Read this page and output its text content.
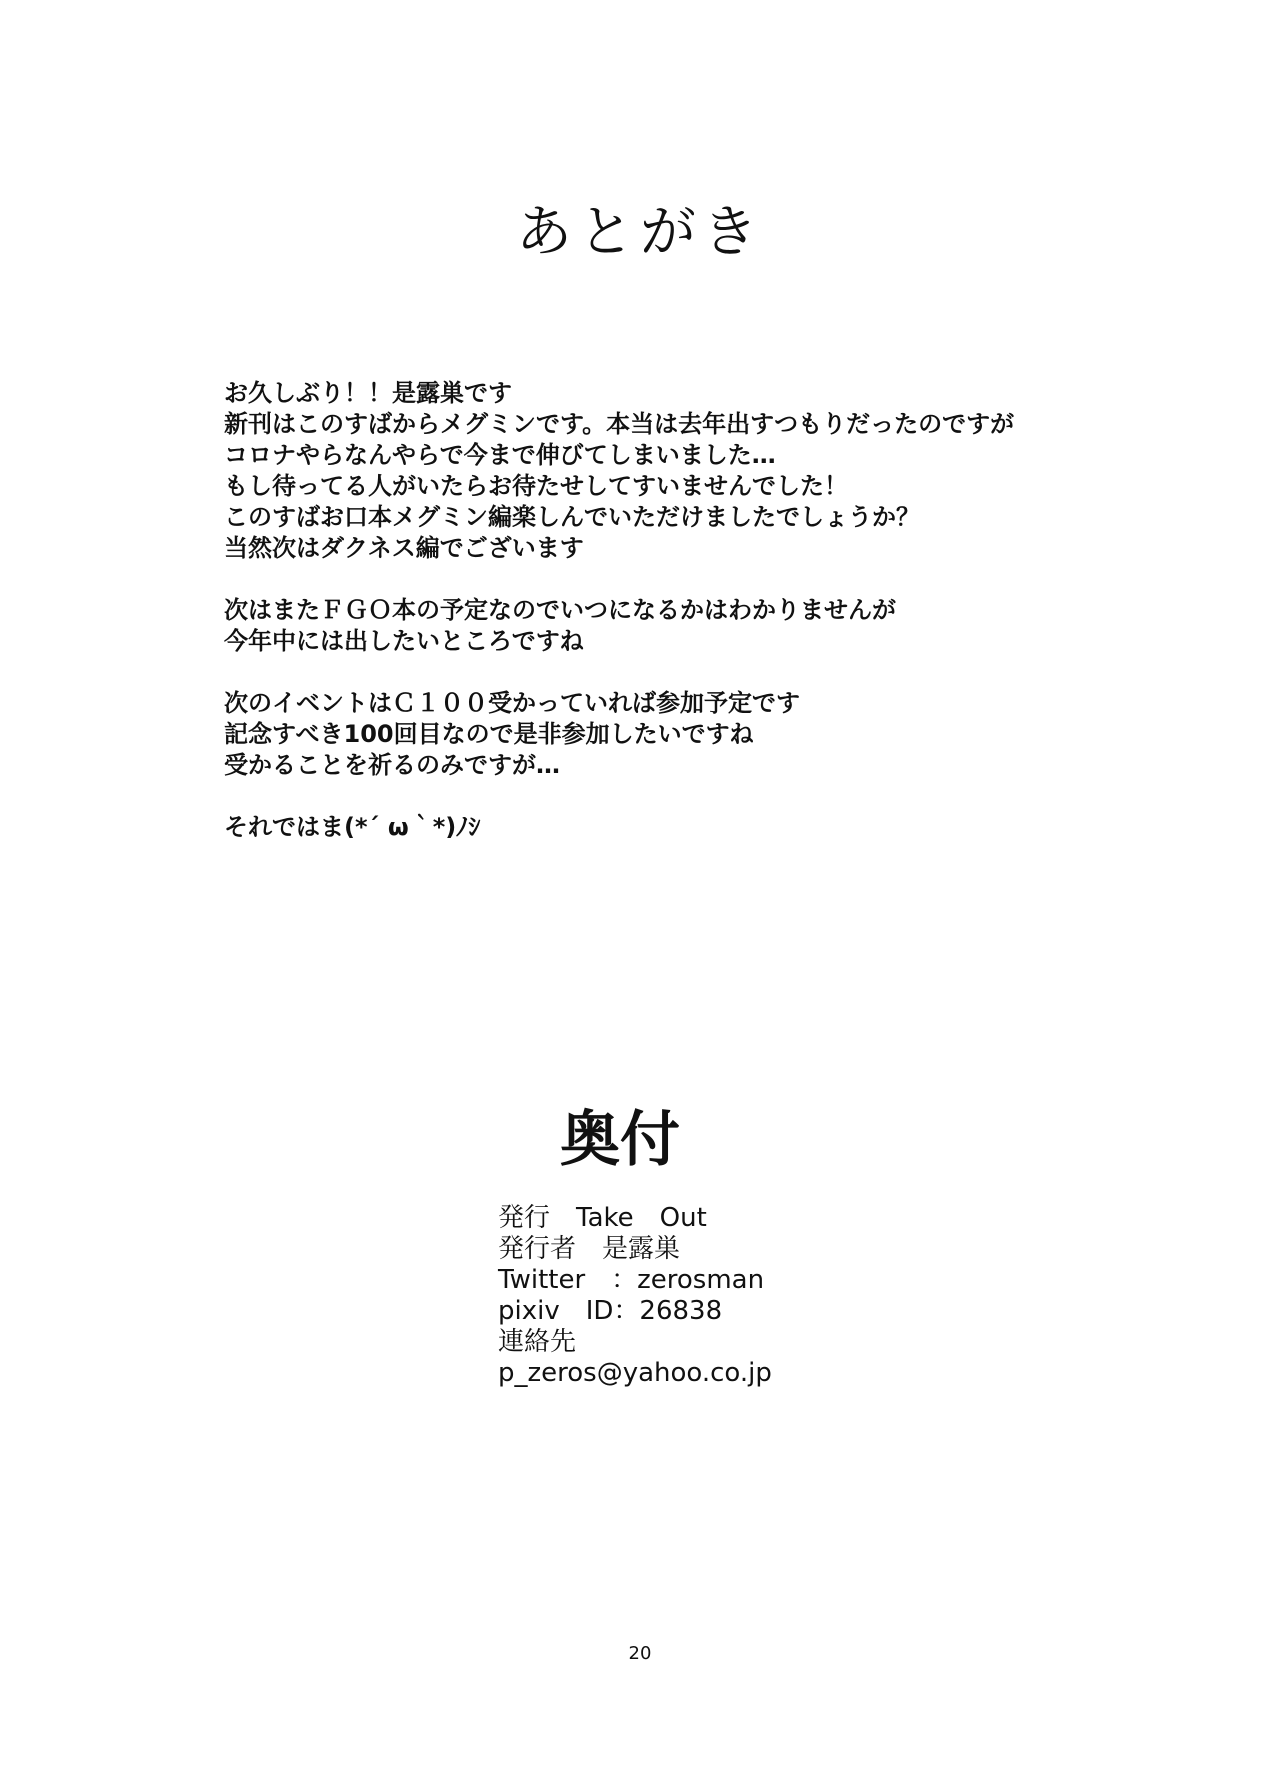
あとがき
お久しぶり！！是露巣です
新刊はこのすばからメグミンです。本当は去年出すつもりだったのですが
コロナやらなんやらで今まで伸びてしまいました…
もし待ってる人がいたらお待たせしてすいませんでした！
このすばお口本メグミン編楽しんでいただけましたでしょうか？
当然次はダクネス編でございます
次はまたＦＧＯ本の予定なのでいつになるかはわかりませんが
今年中には出したいところですね
次のイベントはＣ１００受かっていれば参加予定です
記念すべき100回目なので是非参加したいですね
受かることを祈るのみですが…
それではま(*´ ω｀*)ﾉｼ
奥付
発行　Take　Out
発行者　是露巣
Twitter　：zerosman
pixiv　ID：26838
連絡先
p_zeros@yahoo.co.jp
20
